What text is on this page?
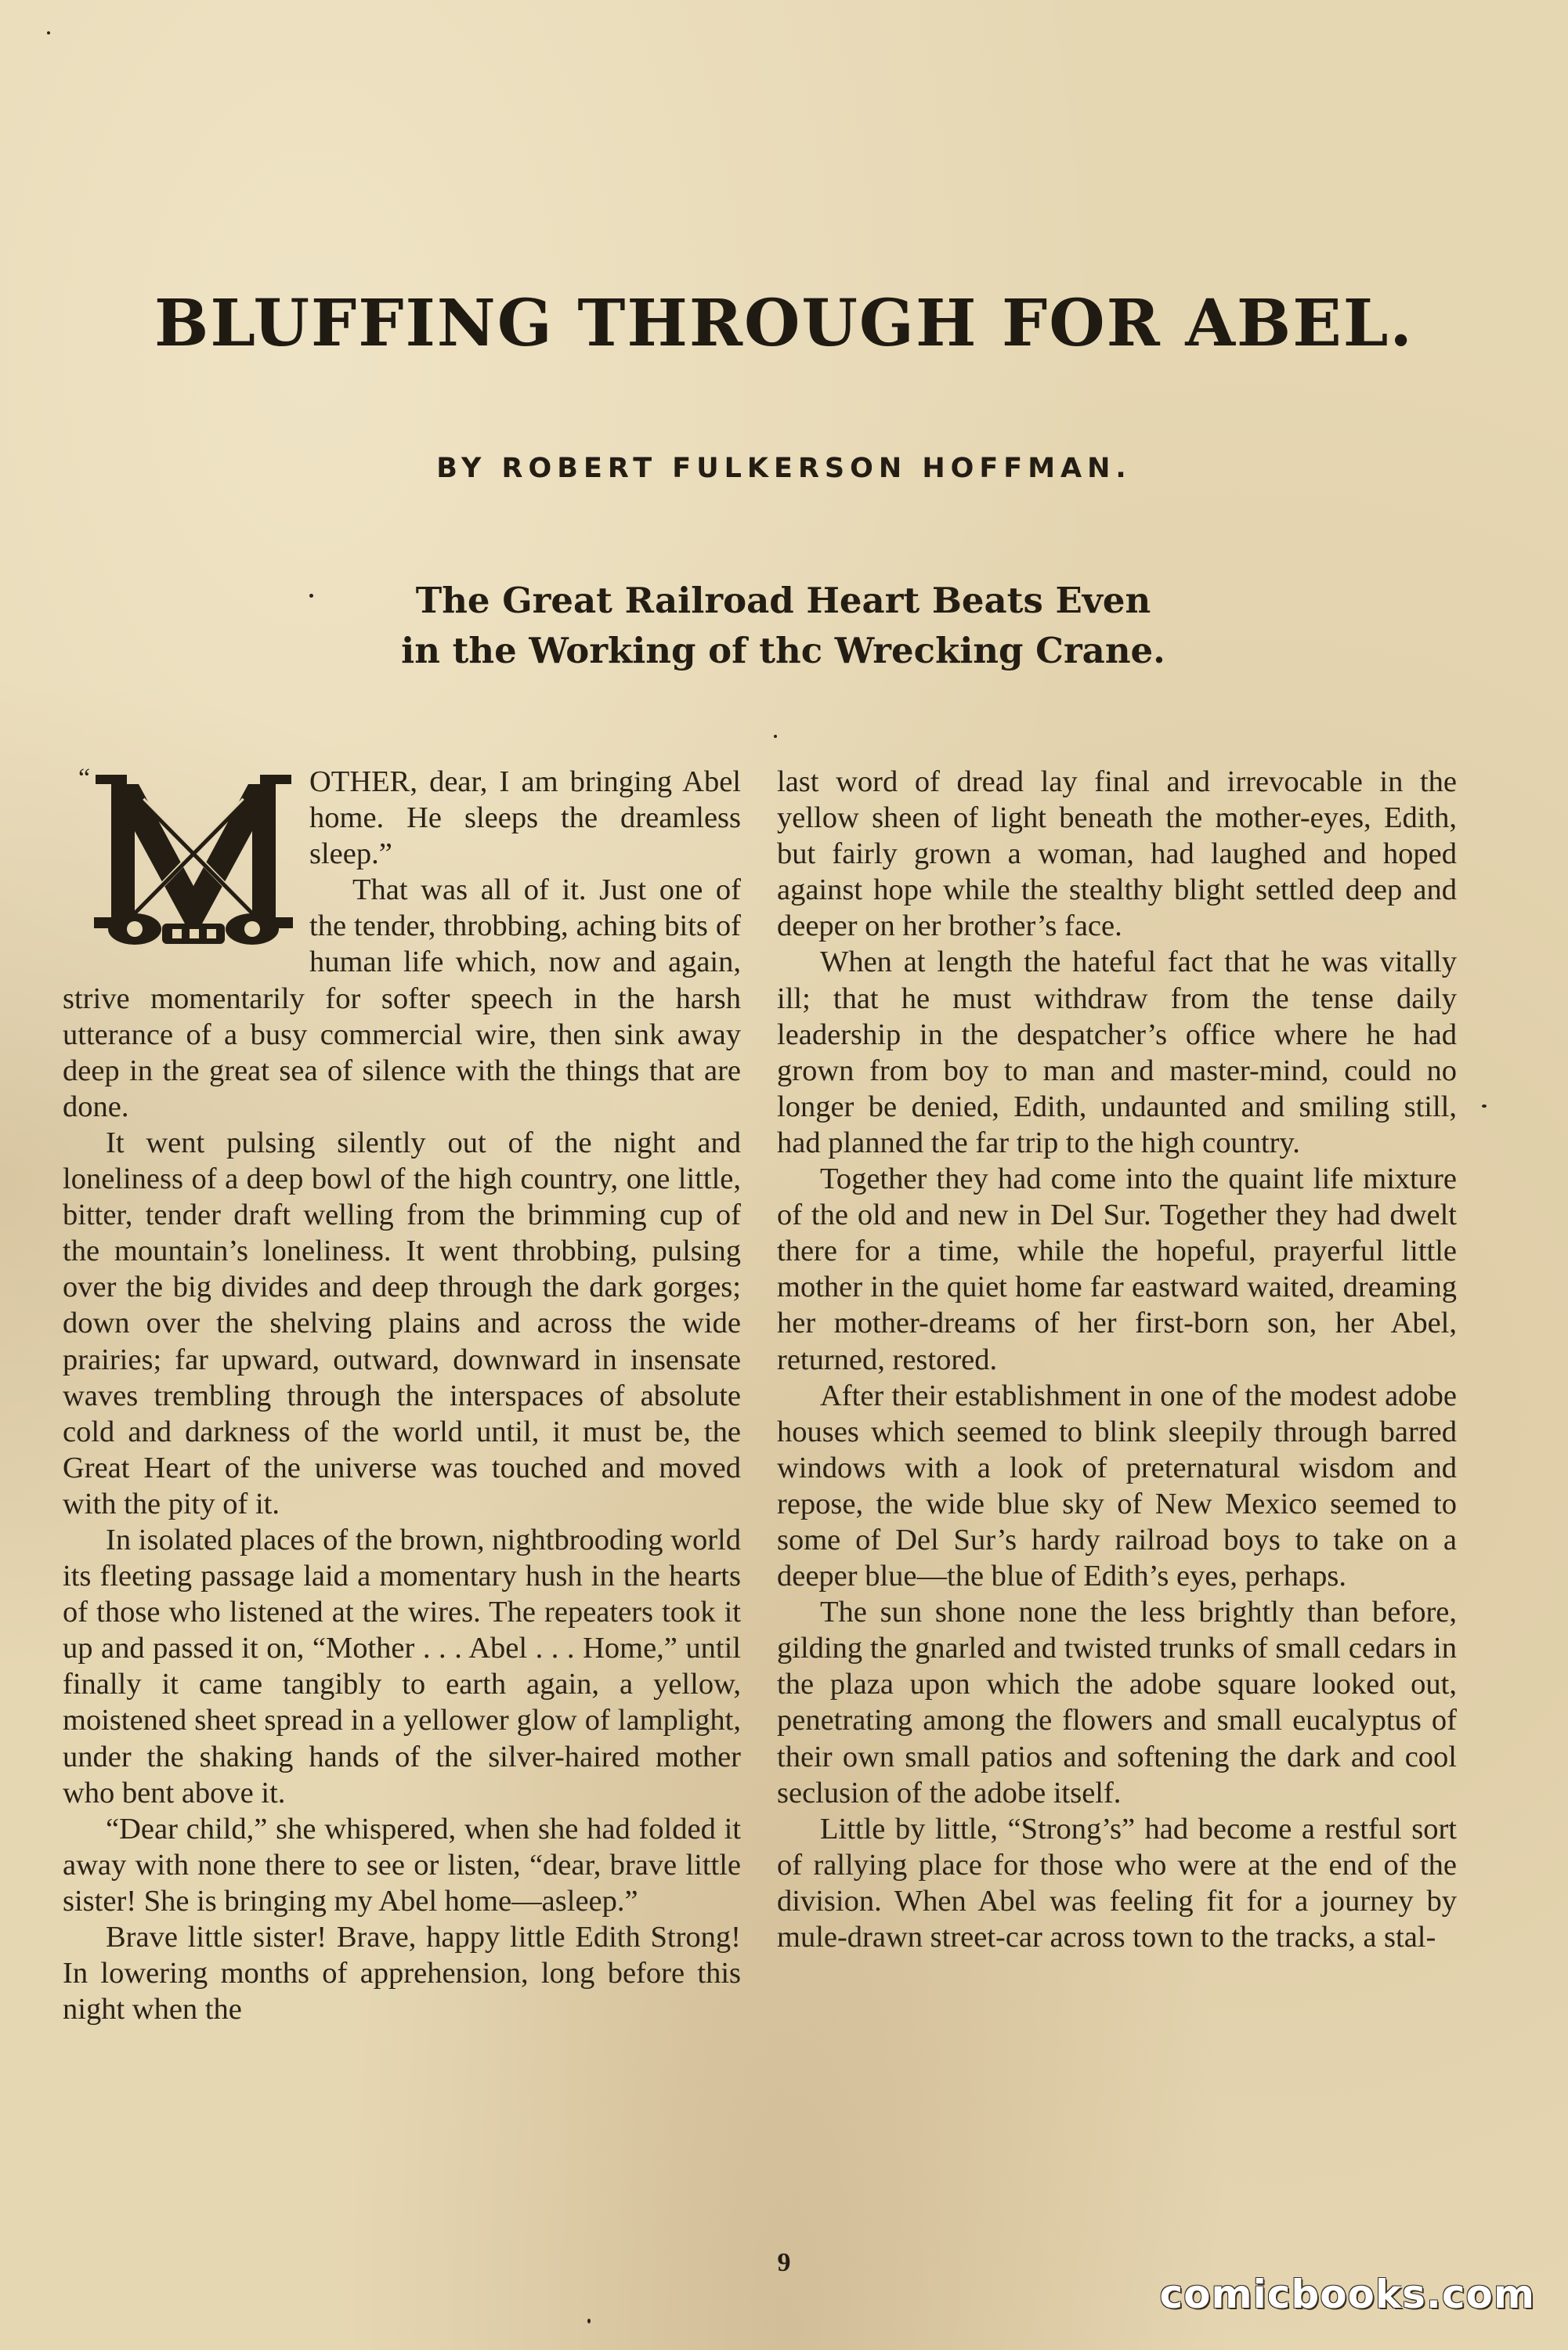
BLUFFING THROUGH FOR ABEL.
BY ROBERT FULKERSON HOFFMAN.
The Great Railroad Heart Beats Even
in the Working of thc Wrecking Crane.
“	OTHER, dear, I am bringing Abel home. He sleeps the dreamless sleep.”

That was all of it. Just one of the tender, throbbing, aching bits of human life which, now and again, strive momentarily for softer speech in the harsh utterance of a busy commercial wire, then sink away deep in the great sea of silence with the things that are done.

It went pulsing silently out of the night and loneliness of a deep bowl of the high country, one little, bitter, tender draft welling from the brimming cup of the mountain’s loneliness. It went throbbing, pulsing over the big divides and deep through the dark gorges; down over the shelving plains and across the wide prairies; far upward, outward, downward in insensate waves trembling through the interspaces of absolute cold and darkness of the world until, it must be, the Great Heart of the universe was touched and moved with the pity of it.

In isolated places of the brown, nightbrooding world its fleeting passage laid a momentary hush in the hearts of those who listened at the wires. The repeaters took it up and passed it on, “Mother . . . Abel . . . Home,” until finally it came tangibly to earth again, a yellow, moistened sheet spread in a yellower glow of lamplight, under the shaking hands of the silver-haired mother who bent above it.

“Dear child,” she whispered, when she had folded it away with none there to see or listen, “dear, brave little sister! She is bringing my Abel home—asleep.”

Brave little sister! Brave, happy little Edith Strong! In lowering months of apprehension, long before this night when the

last word of dread lay final and irrevocable in the yellow sheen of light beneath the mother-eyes, Edith, but fairly grown a woman, had laughed and hoped against hope while the stealthy blight settled deep and deeper on her brother’s face.

When at length the hateful fact that he was vitally ill; that he must withdraw from the tense daily leadership in the despatcher’s office where he had grown from boy to man and master-mind, could no longer be denied, Edith, undaunted and smiling still, had planned the far trip to the high country.

Together they had come into the quaint life mixture of the old and new in Del Sur. Together they had dwelt there for a time, while the hopeful, prayerful little mother in the quiet home far eastward waited, dreaming her mother-dreams of her first-born son, her Abel, returned, restored.

After their establishment in one of the modest adobe houses which seemed to blink sleepily through barred windows with a look of preternatural wisdom and repose, the wide blue sky of New Mexico seemed to some of Del Sur’s hardy railroad boys to take on a deeper blue—the blue of Edith’s eyes, perhaps.

The sun shone none the less brightly than before, gilding the gnarled and twisted trunks of small cedars in the plaza upon which the adobe square looked out, penetrating among the flowers and small eucalyptus of their own small patios and softening the dark and cool seclusion of the adobe itself.

Little by little, “Strong’s” had become a restful sort of rallying place for those who were at the end of the division. When Abel was feeling fit for a journey by mule-drawn street-car across town to the tracks, a stal-

9
comicbooks.com
